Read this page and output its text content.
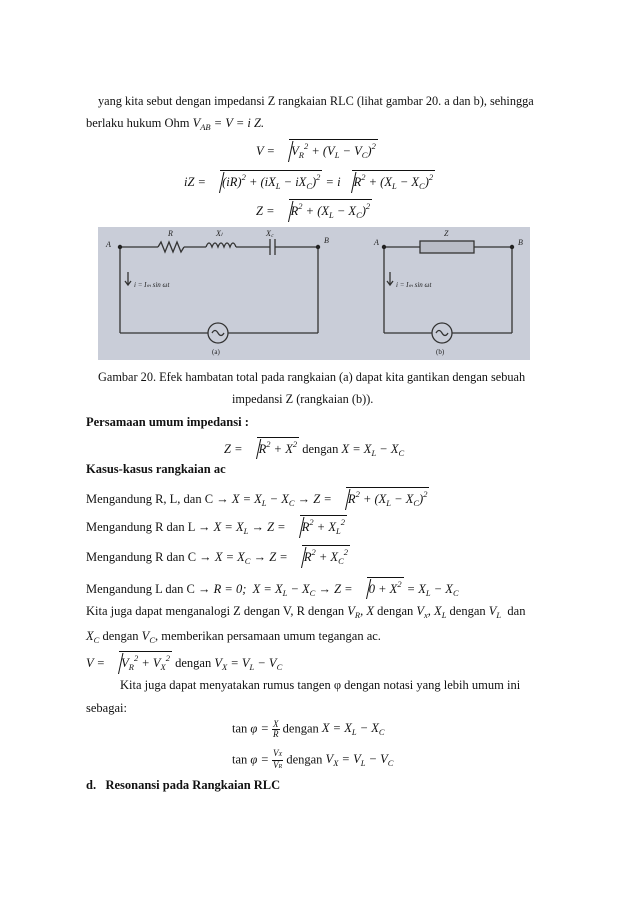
yang kita sebut dengan impedansi Z rangkaian RLC (lihat gambar 20. a dan b), sehingga
berlaku hukum Ohm $V_{AB} = V = i$ Z.
$V = V_R^2 + (V_L - V_C)^2$
iZ = $(iR)^2 + (iX_L - iX_C)^2 = i$ $R^2 + (X_L - X_C)^2$
$Z = R^2 + (X_L - X_C)^2$
A	B
R	Xₗ	X꜀
i = Iₘ sin ωt
(a)
A	B
Z
i = Iₘ sin ωt
(b)
Gambar 20. Efek hambatan total pada rangkaian (a) dapat kita gantikan dengan sebuah
impedansi Z (rangkaian (b)).
Persamaan umum impedansi :
$Z = R^2 + X^2$ dengan $X = X_L - X_C$
Kasus-kasus rangkaian ac
Mengandung R, L, dan $C \to X = X_L - X_C \to Z = R^2 + (X_L - X_C)^2$
Mengandung R dan $L \to X = X_L \to Z = R^2 + X_L^2$
Mengandung R dan $C \to X = X_C \to Z = R^2 + X_C^2$
Mengandung L dan C → R = 0;  $X = X_L - X_C \to Z = 0 + X^2 = X_L - X_C$
Kita juga dapat menganalogi Z dengan V, R dengan $V_R$, X dengan $V_x$, $X_L$ dengan $V_L$ dan
$X_C$ dengan $V_C$, memberikan persamaan umum tegangan ac.
$V = V_R^2 + V_X^2$ dengan $V_X = V_L - V_C$
Kita juga dapat menyatakan rumus tangen φ dengan notasi yang lebih umum ini
sebagai:
$\tan \varphi = \frac{X}{R}$ dengan $X = X_L - X_C$
$\tan \varphi = \frac{VX}{VR}$ dengan $V_X = V_L - V_C$
d.   Resonansi pada Rangkaian RLC
